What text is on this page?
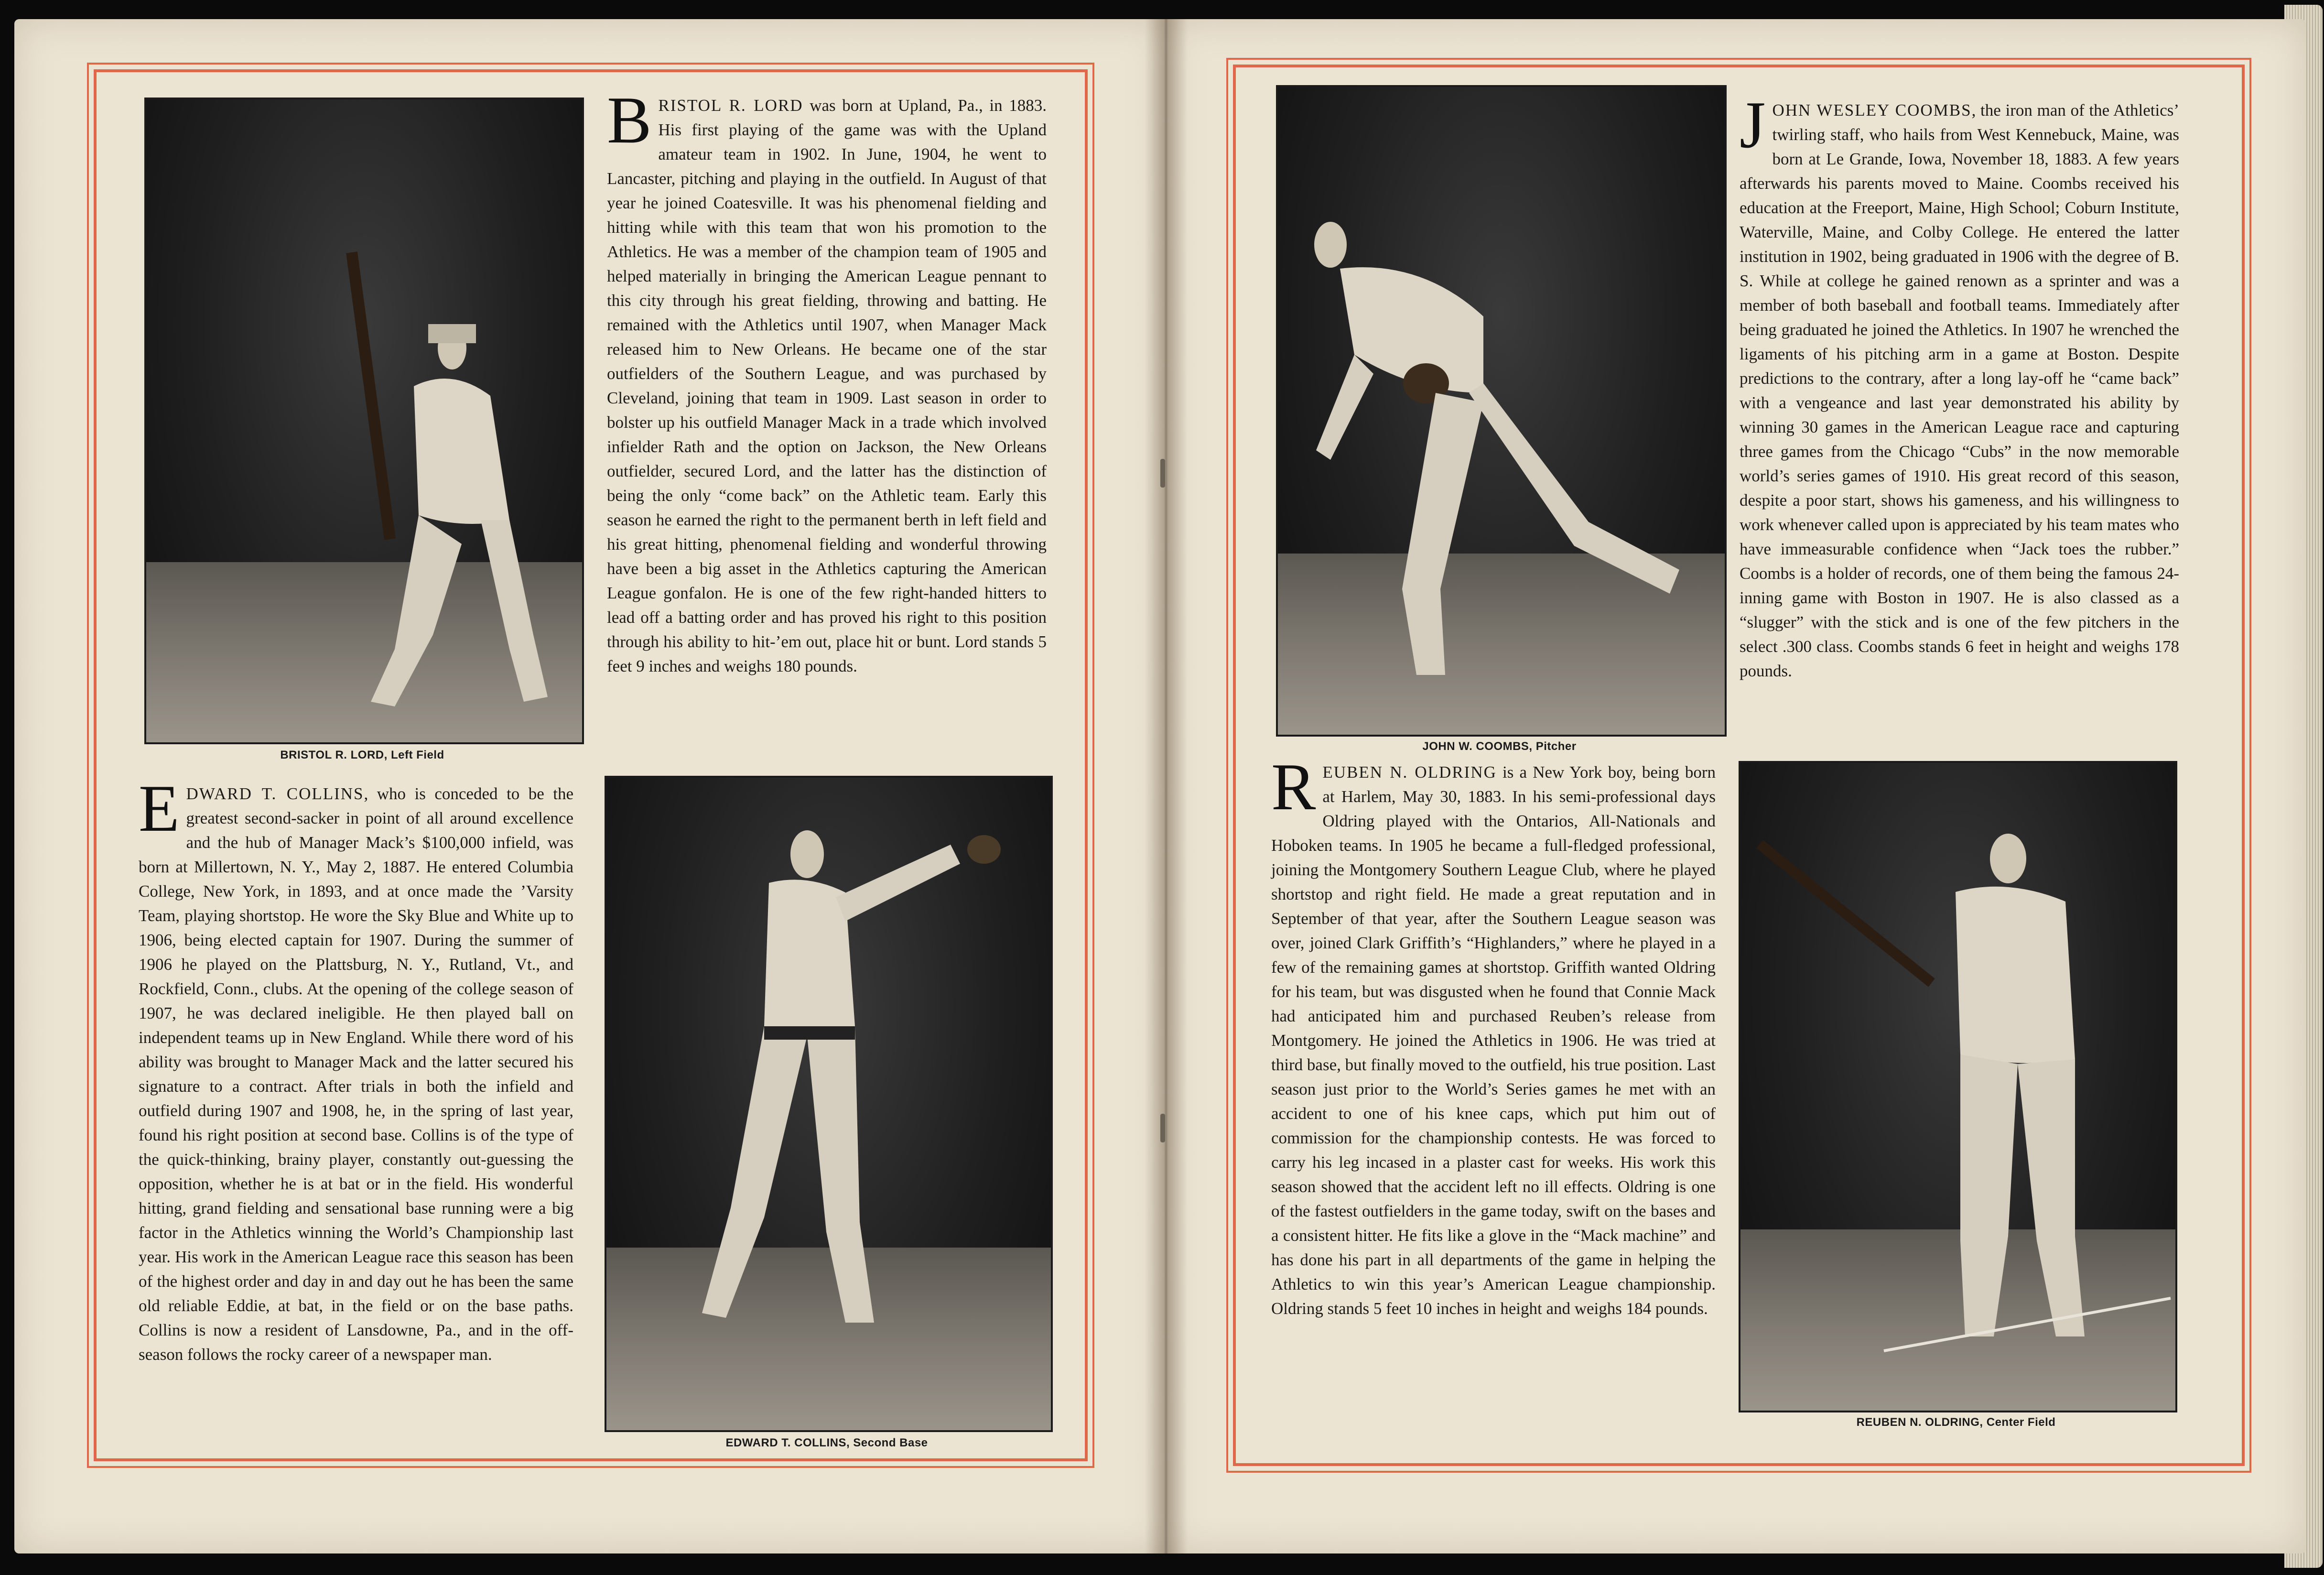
BRISTOL R. LORD, Left Field
BRISTOL R. LORD was born at Upland, Pa., in 1883. His first playing of the game was with the Upland amateur team in 1902. In June, 1904, he went to Lancaster, pitching and playing in the outfield. In August of that year he joined Coatesville. It was his phenomenal fielding and hitting while with this team that won his promotion to the Athletics. He was a member of the champion team of 1905 and helped materially in bringing the American League pennant to this city through his great fielding, throwing and batting. He remained with the Athletics until 1907, when Manager Mack released him to New Orleans. He became one of the star outfielders of the Southern League, and was purchased by Cleveland, joining that team in 1909. Last season in order to bolster up his outfield Manager Mack in a trade which involved infielder Rath and the option on Jackson, the New Orleans outfielder, secured Lord, and the latter has the distinction of being the only “come back” on the Athletic team. Early this season he earned the right to the permanent berth in left field and his great hitting, phenomenal fielding and wonderful throwing have been a big asset in the Athletics capturing the American League gonfalon. He is one of the few right-handed hitters to lead off a batting order and has proved his right to this position through his ability to hit-’em out, place hit or bunt. Lord stands 5 feet 9 inches and weighs 180 pounds.
EDWARD T. COLLINS, who is conceded to be the greatest second-sacker in point of all around excellence and the hub of Manager Mack’s $100,000 infield, was born at Millertown, N. Y., May 2, 1887. He entered Columbia College, New York, in 1893, and at once made the ’Varsity Team, playing shortstop. He wore the Sky Blue and White up to 1906, being elected captain for 1907. During the summer of 1906 he played on the Plattsburg, N. Y., Rutland, Vt., and Rockfield, Conn., clubs. At the opening of the college season of 1907, he was declared ineligible. He then played ball on independent teams up in New England. While there word of his ability was brought to Manager Mack and the latter secured his signature to a contract. After trials in both the infield and outfield during 1907 and 1908, he, in the spring of last year, found his right position at second base. Collins is of the type of the quick-thinking, brainy player, constantly out-guessing the opposition, whether he is at bat or in the field. His wonderful hitting, grand fielding and sensational base running were a big factor in the Athletics winning the World’s Championship last year. His work in the American League race this season has been of the highest order and day in and day out he has been the same old reliable Eddie, at bat, in the field or on the base paths. Collins is now a resident of Lansdowne, Pa., and in the off-season follows the rocky career of a newspaper man.
EDWARD T. COLLINS, Second Base
JOHN W. COOMBS, Pitcher
JOHN WESLEY COOMBS, the iron man of the Athletics’ twirling staff, who hails from West Kennebuck, Maine, was born at Le Grande, Iowa, November 18, 1883. A few years afterwards his parents moved to Maine. Coombs received his education at the Freeport, Maine, High School; Coburn Institute, Waterville, Maine, and Colby College. He entered the latter institution in 1902, being graduated in 1906 with the degree of B. S. While at college he gained renown as a sprinter and was a member of both baseball and football teams. Immediately after being graduated he joined the Athletics. In 1907 he wrenched the ligaments of his pitching arm in a game at Boston. Despite predictions to the contrary, after a long lay-off he “came back” with a vengeance and last year demonstrated his ability by winning 30 games in the American League race and capturing three games from the Chicago “Cubs” in the now memorable world’s series games of 1910. His great record of this season, despite a poor start, shows his gameness, and his willingness to work whenever called upon is appreciated by his team mates who have immeasurable confidence when “Jack toes the rubber.” Coombs is a holder of records, one of them being the famous 24-inning game with Boston in 1907. He is also classed as a “slugger” with the stick and is one of the few pitchers in the select .300 class. Coombs stands 6 feet in height and weighs 178 pounds.
REUBEN N. OLDRING is a New York boy, being born at Harlem, May 30, 1883. In his semi-professional days Oldring played with the Ontarios, All-Nationals and Hoboken teams. In 1905 he became a full-fledged professional, joining the Montgomery Southern League Club, where he played shortstop and right field. He made a great reputation and in September of that year, after the Southern League season was over, joined Clark Griffith’s “Highlanders,” where he played in a few of the remaining games at shortstop. Griffith wanted Oldring for his team, but was disgusted when he found that Connie Mack had anticipated him and purchased Reuben’s release from Montgomery. He joined the Athletics in 1906. He was tried at third base, but finally moved to the outfield, his true position. Last season just prior to the World’s Series games he met with an accident to one of his knee caps, which put him out of commission for the championship contests. He was forced to carry his leg incased in a plaster cast for weeks. His work this season showed that the accident left no ill effects. Oldring is one of the fastest outfielders in the game today, swift on the bases and a consistent hitter. He fits like a glove in the “Mack machine” and has done his part in all departments of the game in helping the Athletics to win this year’s American League championship. Oldring stands 5 feet 10 inches in height and weighs 184 pounds.
REUBEN N. OLDRING, Center Field
